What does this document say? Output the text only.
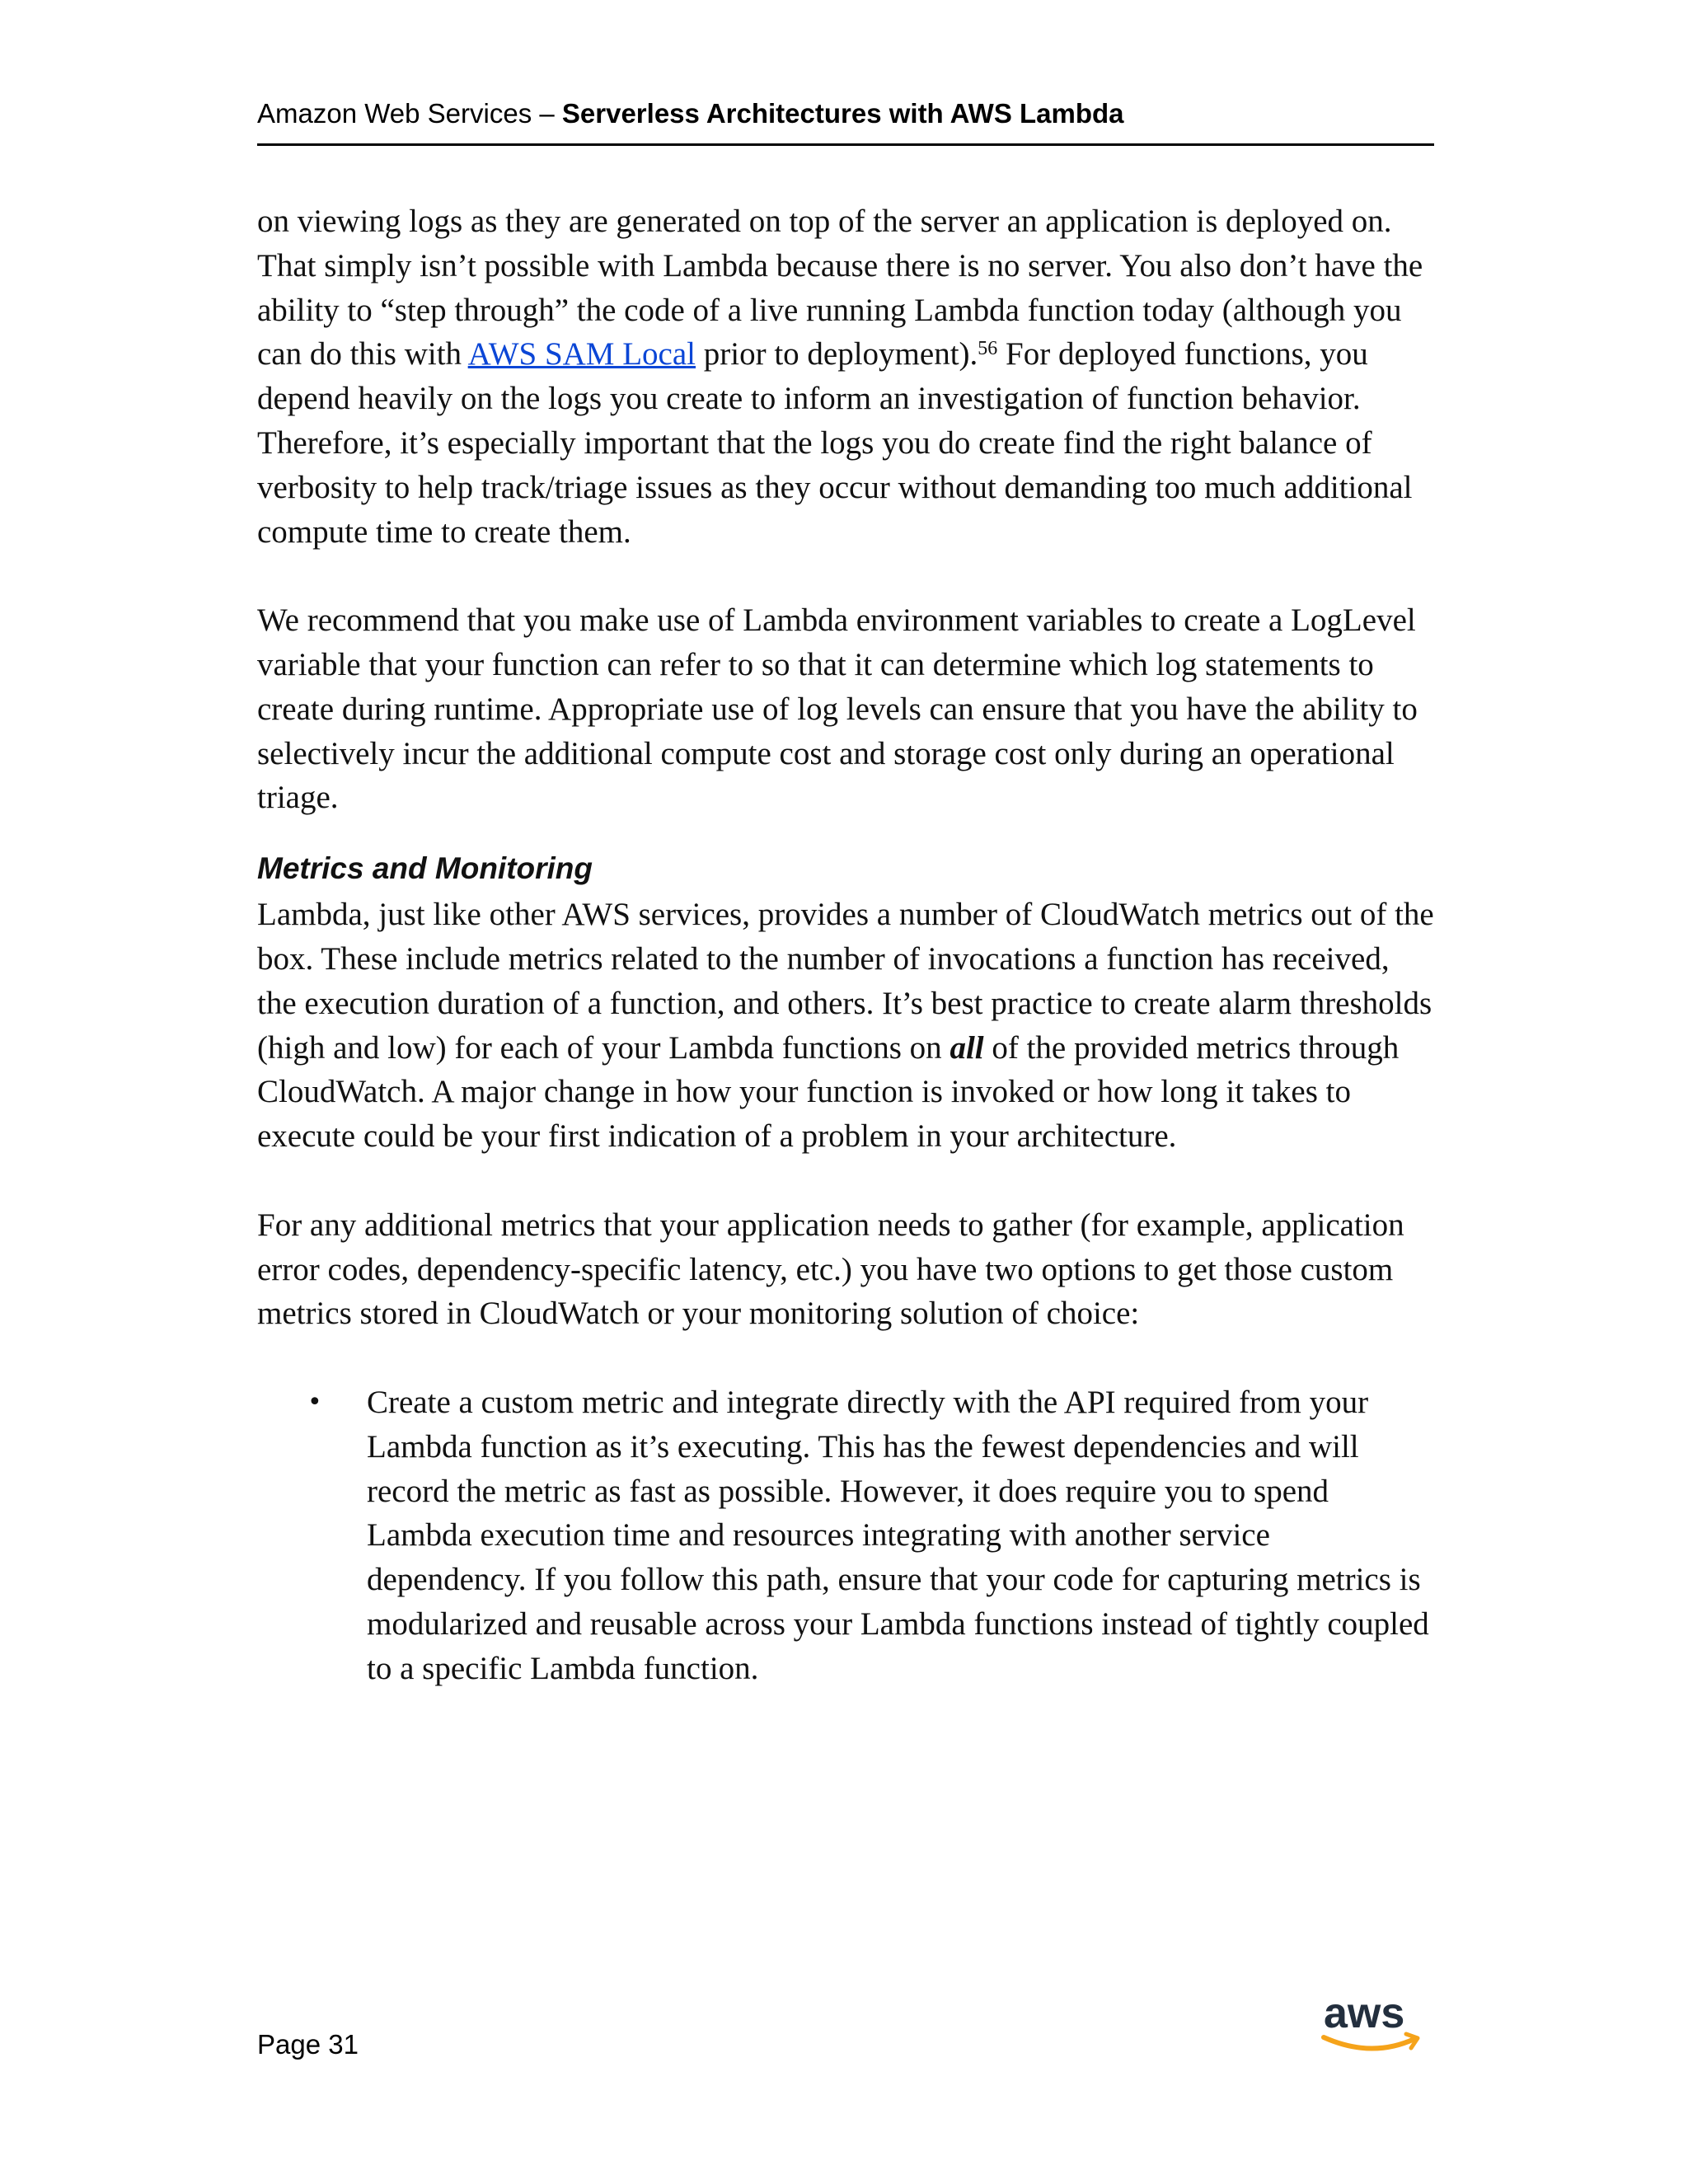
Amazon Web Services – Serverless Architectures with AWS Lambda

on viewing logs as they are generated on top of the server an application is deployed on. That simply isn’t possible with Lambda because there is no server. You also don’t have the ability to “step through” the code of a live running Lambda function today (although you can do this with AWS SAM Local prior to deployment).$^{56}$ For deployed functions, you depend heavily on the logs you create to inform an investigation of function behavior. Therefore, it’s especially important that the logs you do create find the right balance of verbosity to help track/triage issues as they occur without demanding too much additional compute time to create them.

We recommend that you make use of Lambda environment variables to create a LogLevel variable that your function can refer to so that it can determine which log statements to create during runtime. Appropriate use of log levels can ensure that you have the ability to selectively incur the additional compute cost and storage cost only during an operational triage.

Metrics and Monitoring

Lambda, just like other AWS services, provides a number of CloudWatch metrics out of the box. These include metrics related to the number of invocations a function has received, the execution duration of a function, and others. It’s best practice to create alarm thresholds (high and low) for each of your Lambda functions on all of the provided metrics through CloudWatch. A major change in how your function is invoked or how long it takes to execute could be your first indication of a problem in your architecture.

For any additional metrics that your application needs to gather (for example, application error codes, dependency-specific latency, etc.) you have two options to get those custom metrics stored in CloudWatch or your monitoring solution of choice:

• Create a custom metric and integrate directly with the API required from your Lambda function as it’s executing. This has the fewest dependencies and will record the metric as fast as possible. However, it does require you to spend Lambda execution time and resources integrating with another service dependency. If you follow this path, ensure that your code for capturing metrics is modularized and reusable across your Lambda functions instead of tightly coupled to a specific Lambda function.
Page 31
aws
